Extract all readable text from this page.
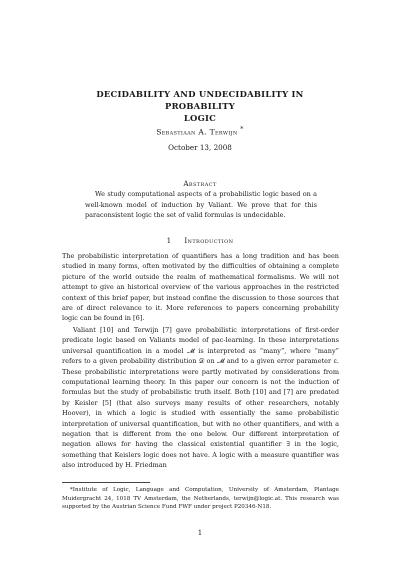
DECIDABILITY AND UNDECIDABILITY IN PROBABILITY
LOGIC
Sebastiaan A. Terwijn *
October 13, 2008
Abstract
We study computational aspects of a probabilistic logic based on a well-known model of induction by Valiant. We prove that for this paraconsistent logic the set of valid formulas is undecidable.
1 Introduction

The probabilistic interpretation of quantifiers has a long tradition and has been studied in many forms, often motivated by the difficulties of obtaining a complete picture of the world outside the realm of mathematical formalisms. We will not attempt to give an historical overview of the various approaches in the restricted context of this brief paper, but instead confine the discussion to those sources that are of direct relevance to it. More references to papers concerning probability logic can be found in [6].

Valiant [10] and Terwijn [7] gave probabilistic interpretations of first-order predicate logic based on Valiants model of pac-learning. In these interpretations universal quantification in a model 𝓜 is interpreted as “many”, where “many” refers to a given probability distribution 𝒟 on 𝓜 and to a given error parameter ε. These probabilistic interpretations were partly motivated by considerations from computational learning theory. In this paper our concern is not the induction of formulas but the study of probabilistic truth itself. Both [10] and [7] are predated by Keisler [5] (that also surveys many results of other researchers, notably Hoover), in which a logic is studied with essentially the same probabilistic interpretation of universal quantification, but with no other quantifiers, and with a negation that is different from the one below. Our different interpretation of negation allows for having the classical existential quantifier ∃ in the logic, something that Keislers logic does not have. A logic with a measure quantifier was also introduced by H. Friedman

*Institute of Logic, Language and Computation, University of Amsterdam, Plantage Muidergracht 24, 1018 TV Amsterdam, the Netherlands, terwijn@logic.at. This research was supported by the Austrian Science Fund FWF under project P20346-N18.
1
